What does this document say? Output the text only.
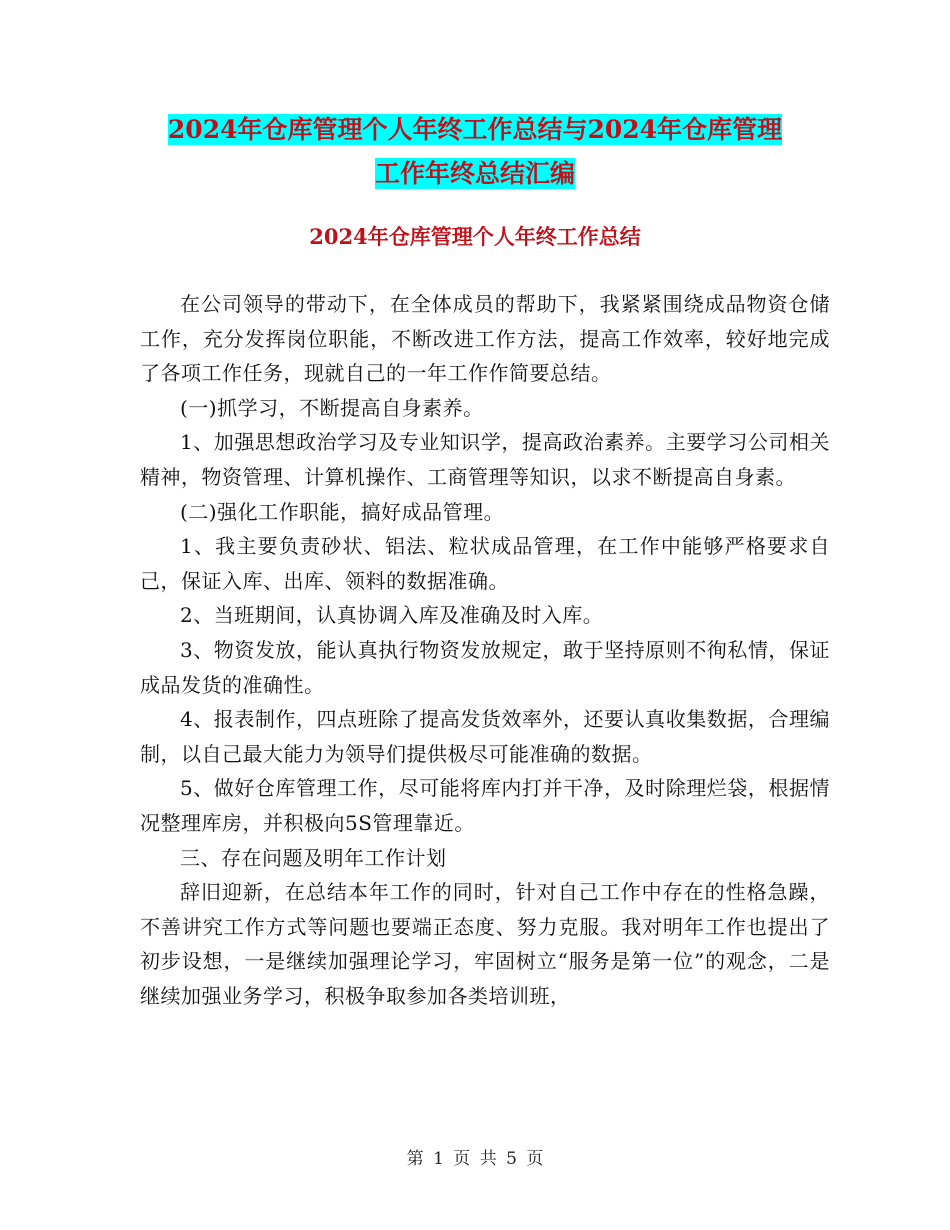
2024年仓库管理个人年终工作总结与2024年仓库管理
工作年终总结汇编
2024年仓库管理个人年终工作总结

在公司领导的带动下，在全体成员的帮助下，我紧紧围绕成品物资仓储工作，充分发挥岗位职能，不断改进工作方法，提高工作效率，较好地完成了各项工作任务，现就自己的一年工作作简要总结。

(一)抓学习，不断提高自身素养。

1、加强思想政治学习及专业知识学，提高政治素养。主要学习公司相关精神，物资管理、计算机操作、工商管理等知识，以求不断提高自身素。

(二)强化工作职能，搞好成品管理。

1、我主要负责砂状、铝法、粒状成品管理，在工作中能够严格要求自己，保证入库、出库、领料的数据准确。

2、当班期间，认真协调入库及准确及时入库。

3、物资发放，能认真执行物资发放规定，敢于坚持原则不徇私情，保证成品发货的准确性。

4、报表制作，四点班除了提高发货效率外，还要认真收集数据，合理编制，以自己最大能力为领导们提供极尽可能准确的数据。

5、做好仓库管理工作，尽可能将库内打并干净，及时除理烂袋，根据情况整理库房，并积极向5S管理靠近。

三、存在问题及明年工作计划

辞旧迎新，在总结本年工作的同时，针对自己工作中存在的性格急躁，不善讲究工作方式等问题也要端正态度、努力克服。我对明年工作也提出了初步设想，一是继续加强理论学习，牢固树立“服务是第一位”的观念，二是继续加强业务学习，积极争取参加各类培训班，

第 1 页 共 5 页
